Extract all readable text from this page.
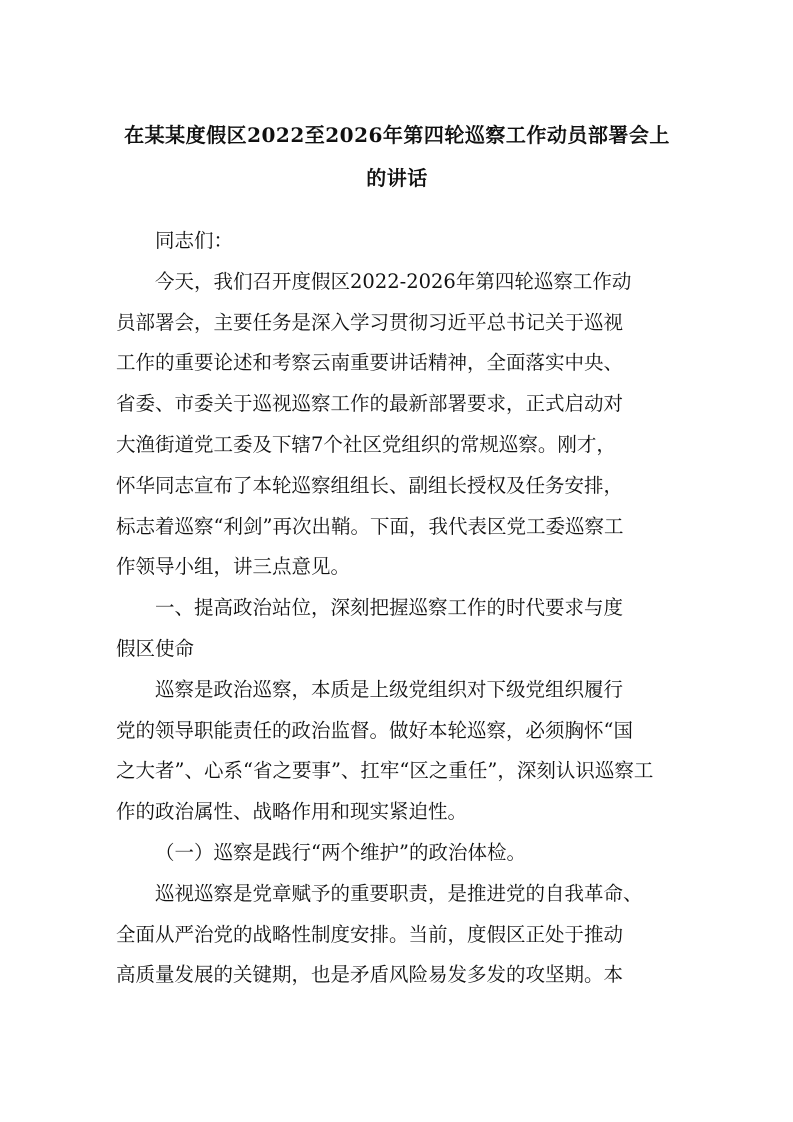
在某某度假区2022至2026年第四轮巡察工作动员部署会上
的讲话
同志们：
今天，我们召开度假区2022-2026年第四轮巡察工作动
员部署会，主要任务是深入学习贯彻习近平总书记关于巡视
工作的重要论述和考察云南重要讲话精神，全面落实中央、
省委、市委关于巡视巡察工作的最新部署要求，正式启动对
大渔街道党工委及下辖7个社区党组织的常规巡察。刚才，
怀华同志宣布了本轮巡察组组长、副组长授权及任务安排，
标志着巡察“利剑”再次出鞘。下面，我代表区党工委巡察工
作领导小组，讲三点意见。
一、提高政治站位，深刻把握巡察工作的时代要求与度
假区使命
巡察是政治巡察，本质是上级党组织对下级党组织履行
党的领导职能责任的政治监督。做好本轮巡察，必须胸怀“国
之大者”、心系“省之要事”、扛牢“区之重任”，深刻认识巡察工
作的政治属性、战略作用和现实紧迫性。
（一）巡察是践行“两个维护”的政治体检。
巡视巡察是党章赋予的重要职责，是推进党的自我革命、
全面从严治党的战略性制度安排。当前，度假区正处于推动
高质量发展的关键期，也是矛盾风险易发多发的攻坚期。本
